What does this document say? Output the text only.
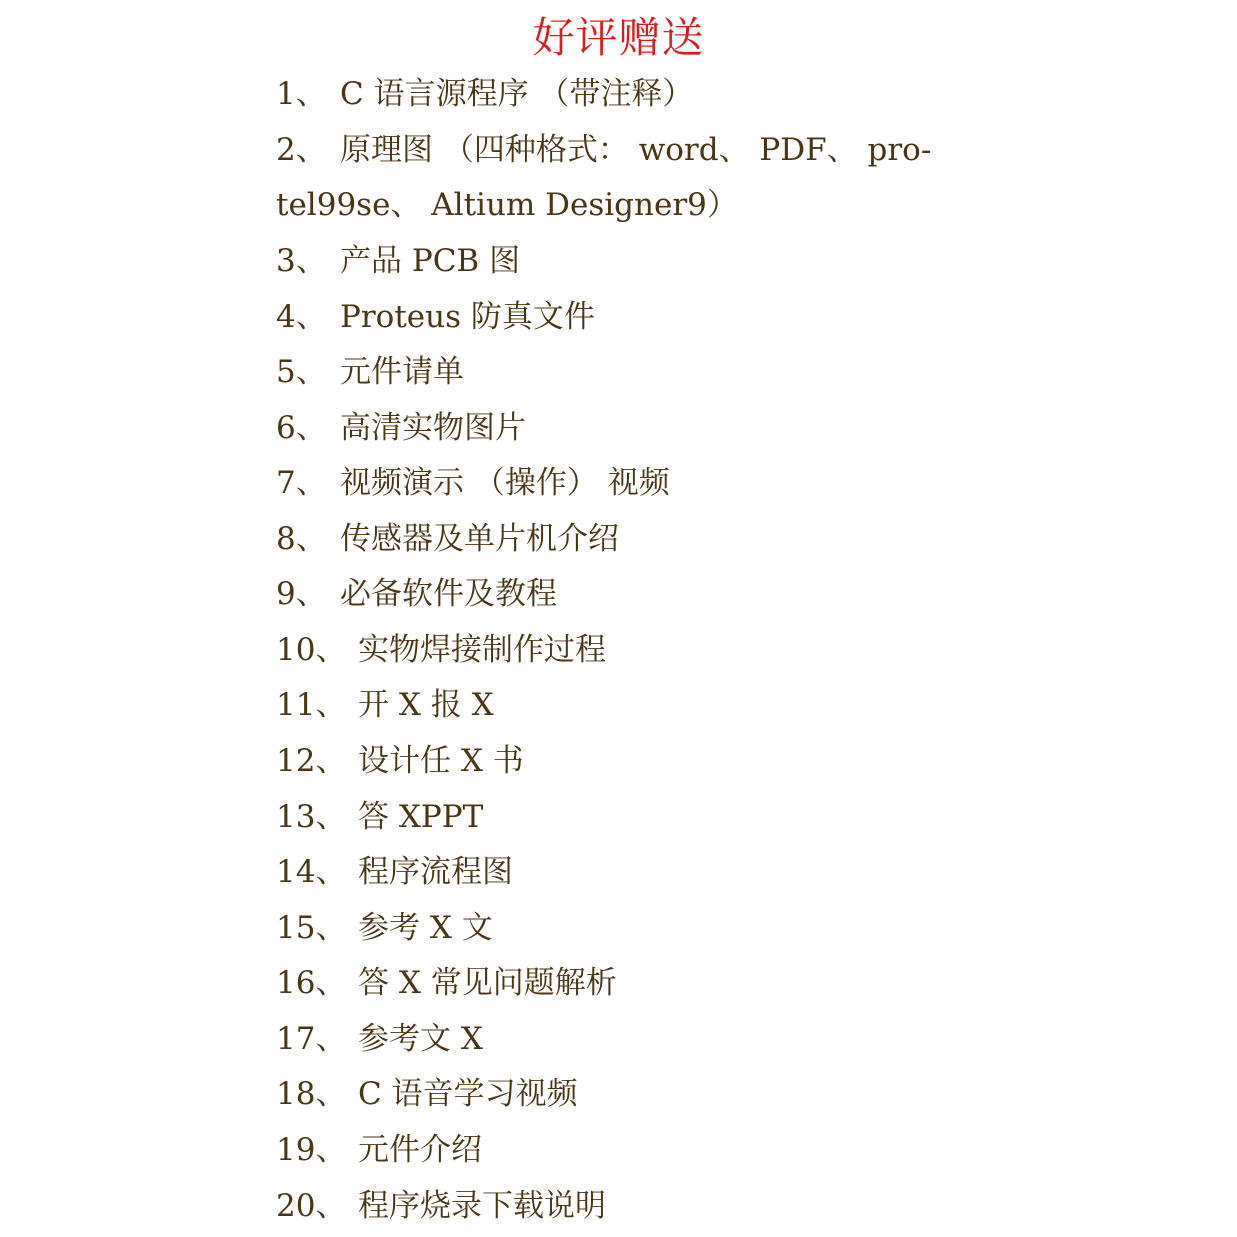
好评赠送
1、 C 语言源程序 （带注释）
2、 原理图 （四种格式： word、 PDF、 pro-
tel99se、 Altium Designer9）
3、 产品 PCB 图
4、 Proteus 防真文件
5、 元件请单
6、 高清实物图片
7、 视频演示 （操作） 视频
8、 传感器及单片机介绍
9、 必备软件及教程
10、 实物焊接制作过程
11、 开 X 报 X
12、 设计任 X 书
13、 答 XPPT
14、 程序流程图
15、 参考 X 文
16、 答 X 常见问题解析
17、 参考文 X
18、 C 语音学习视频
19、 元件介绍
20、 程序烧录下载说明
